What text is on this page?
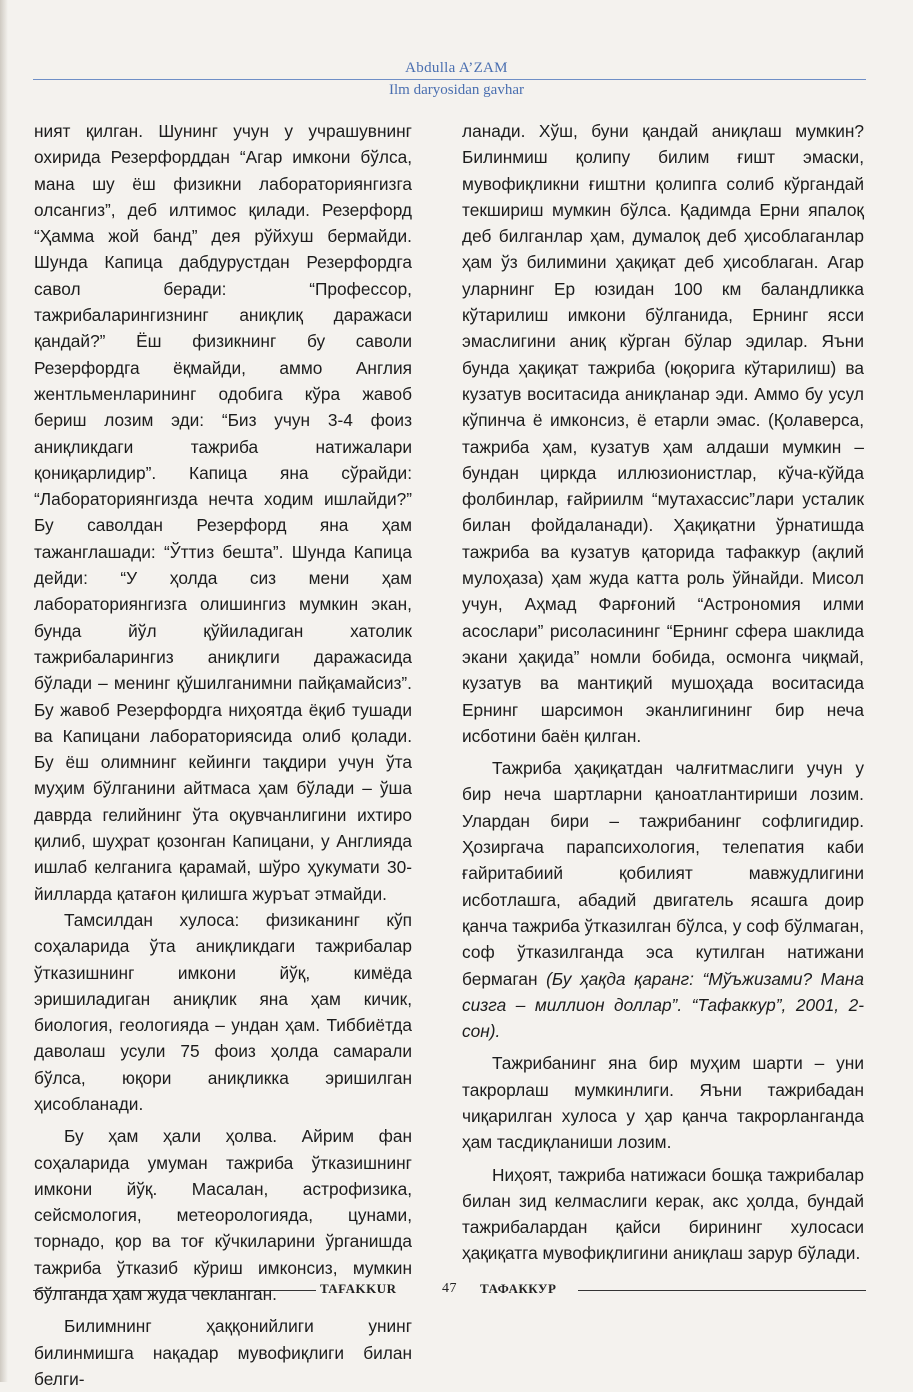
Abdulla A’ZAM
Ilm daryosidan gavhar

ният қилган. Шунинг учун у учрашувнинг охирида Резерфорддан “Агар имкони бўлса, мана шу ёш физикни лабораториянгизга олсангиз”, деб илтимос қилади. Резерфорд “Ҳамма жой банд” дея рўйхуш бермайди. Шунда Капица дабдурустдан Резерфордга савол беради: “Профессор, тажрибаларингизнинг аниқлиқ даражаси қандай?” Ёш физикнинг бу саволи Резерфордга ёқмайди, аммо Англия жентльменларининг одобига кўра жавоб бериш лозим эди: “Биз учун 3-4 фоиз аниқликдаги тажриба натижалари қониқарлидир”. Капица яна сўрайди: “Лабораториянгизда нечта ходим ишлайди?” Бу саволдан Резерфорд яна ҳам тажанглашади: “Ўттиз бешта”. Шунда Капица дейди: “У ҳолда сиз мени ҳам лабораториянгизга олишингиз мумкин экан, бунда йўл қўйиладиган хатолик тажрибаларингиз аниқлиги даражасида бўлади – менинг қўшилганимни пайқамайсиз”. Бу жавоб Резерфордга ниҳоятда ёқиб тушади ва Капицани лабораториясида олиб қолади. Бу ёш олимнинг кейинги тақдири учун ўта муҳим бўлганини айтмаса ҳам бўлади – ўша даврда гелийнинг ўта оқувчанлигини ихтиро қилиб, шуҳрат қозонган Капицани, у Англияда ишлаб келганига қарамай, шўро ҳукумати 30-йилларда қатағон қилишга журъат этмайди.

Тамсилдан хулоса: физиканинг кўп соҳаларида ўта аниқликдаги тажрибалар ўтказишнинг имкони йўқ, кимёда эришиладиган аниқлик яна ҳам кичик, биология, геологияда – ундан ҳам. Тиббиётда даволаш усули 75 фоиз ҳолда самарали бўлса, юқори аниқликка эришилган ҳисобланади.

Бу ҳам ҳали ҳолва. Айрим фан соҳаларида умуман тажриба ўтказишнинг имкони йўқ. Масалан, астрофизика, сейсмология, метеорологияда, цунами, торнадо, қор ва тоғ кўчкиларини ўрганишда тажриба ўтказиб кўриш имконсиз, мумкин бўлганда ҳам жуда чекланган.

Билимнинг ҳаққонийлиги унинг билинмишга нақадар мувофиқлиги билан белги-

ланади. Хўш, буни қандай аниқлаш мумкин? Билинмиш қолипу билим ғишт эмаски, мувофиқликни ғиштни қолипга солиб кўргандай текшириш мумкин бўлса. Қадимда Ерни япалоқ деб билганлар ҳам, думалоқ деб ҳисоблаганлар ҳам ўз билимини ҳақиқат деб ҳисоблаган. Агар уларнинг Ер юзидан 100 км баландликка кўтарилиш имкони бўлганида, Ернинг ясси эмаслигини аниқ кўрган бўлар эдилар. Яъни бунда ҳақиқат тажриба (юқорига кўтарилиш) ва кузатув воситасида аниқланар эди. Аммо бу усул кўпинча ё имконсиз, ё етарли эмас. (Қолаверса, тажриба ҳам, кузатув ҳам алдаши мумкин – бундан циркда иллюзионистлар, кўча-кўйда фолбинлар, ғайриилм “мутахассис”лари усталик билан фойдаланади). Ҳақиқатни ўрнатишда тажриба ва кузатув қаторида тафаккур (ақлий мулоҳаза) ҳам жуда катта роль ўйнайди. Мисол учун, Аҳмад Фарғоний “Астрономия илми асослари” рисоласининг “Ернинг сфера шаклида экани ҳақида” номли бобида, осмонга чиқмай, кузатув ва мантиқий мушоҳада воситасида Ернинг шарсимон эканлигининг бир неча исботини баён қилган.

Тажриба ҳақиқатдан чалғитмаслиги учун у бир неча шартларни қаноатлантириши лозим. Улардан бири – тажрибанинг софлигидир. Ҳозиргача парапсихология, телепатия каби ғайритабиий қобилият мавжудлигини исботлашга, абадий двигатель ясашга доир қанча тажриба ўтказилган бўлса, у соф бўлмаган, соф ўтказилганда эса кутилган натижани бермаган (Бу ҳақда қаранг: “Мўъжизами? Мана сизга – миллион доллар”. “Тафаккур”, 2001, 2-сон).

Тажрибанинг яна бир муҳим шарти – уни такрорлаш мумкинлиги. Яъни тажрибадан чиқарилган хулоса у ҳар қанча такрорланганда ҳам тасдиқланиши лозим.

Ниҳоят, тажриба натижаси бошқа тажрибалар билан зид келмаслиги керак, акс ҳолда, бундай тажрибалардан қайси бирининг хулосаси ҳақиқатга мувофиқлигини аниқлаш зарур бўлади.

TAFAKKUR	47 ТАФАККУР
